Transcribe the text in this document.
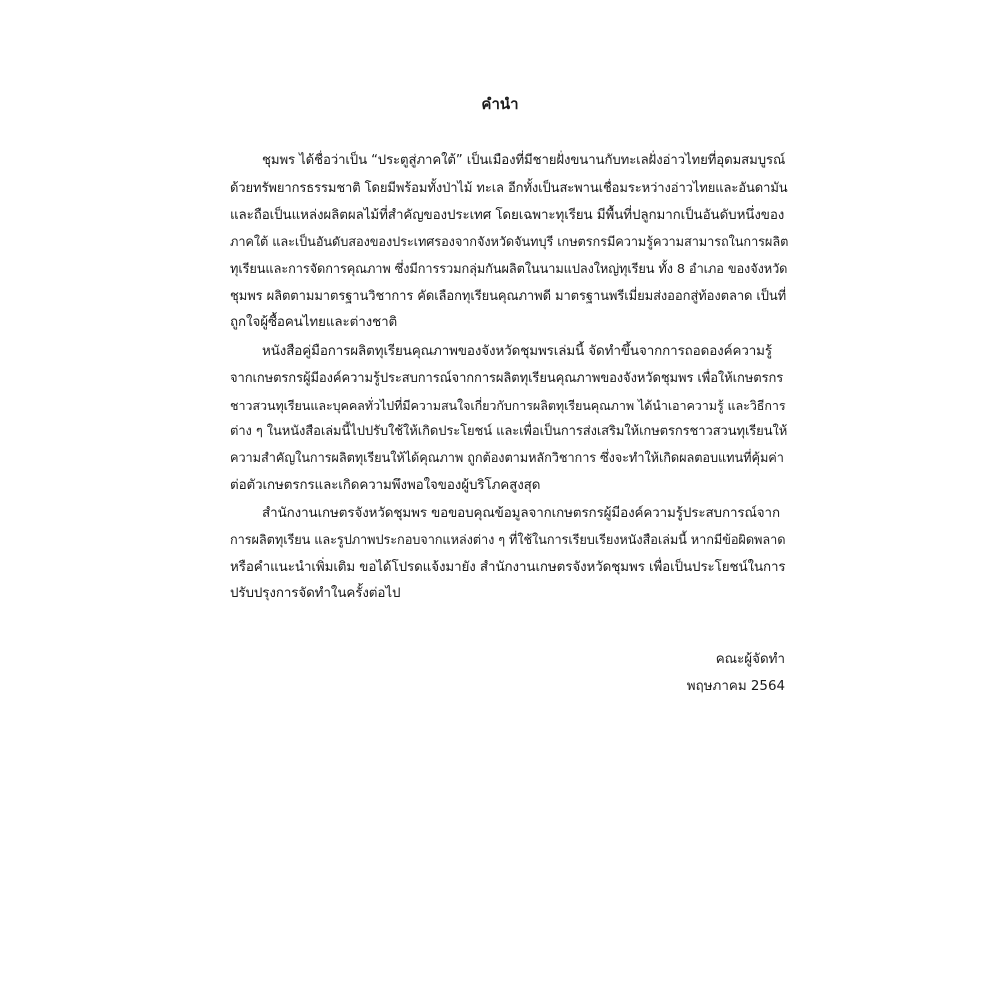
คำนำ
ชุมพร ได้ชื่อว่าเป็น “ประตูสู่ภาคใต้” เป็นเมืองที่มีชายฝั่งขนานกับทะเลฝั่งอ่าวไทยที่อุดมสมบูรณ์
ด้วยทรัพยากรธรรมชาติ โดยมีพร้อมทั้งป่าไม้ ทะเล อีกทั้งเป็นสะพานเชื่อมระหว่างอ่าวไทยและอันดามัน
และถือเป็นแหล่งผลิตผลไม้ที่สำคัญของประเทศ โดยเฉพาะทุเรียน มีพื้นที่ปลูกมากเป็นอันดับหนึ่งของ
ภาคใต้ และเป็นอันดับสองของประเทศรองจากจังหวัดจันทบุรี เกษตรกรมีความรู้ความสามารถในการผลิต
ทุเรียนและการจัดการคุณภาพ ซึ่งมีการรวมกลุ่มกันผลิตในนามแปลงใหญ่ทุเรียน ทั้ง 8 อำเภอ ของจังหวัด
ชุมพร ผลิตตามมาตรฐานวิชาการ คัดเลือกทุเรียนคุณภาพดี มาตรฐานพรีเมี่ยมส่งออกสู่ท้องตลาด เป็นที่
ถูกใจผู้ซื้อคนไทยและต่างชาติ
หนังสือคู่มือการผลิตทุเรียนคุณภาพของจังหวัดชุมพรเล่มนี้ จัดทำขึ้นจากการถอดองค์ความรู้
จากเกษตรกรผู้มีองค์ความรู้ประสบการณ์จากการผลิตทุเรียนคุณภาพของจังหวัดชุมพร เพื่อให้เกษตรกร
ชาวสวนทุเรียนและบุคคลทั่วไปที่มีความสนใจเกี่ยวกับการผลิตทุเรียนคุณภาพ ได้นำเอาความรู้ และวิธีการ
ต่าง ๆ ในหนังสือเล่มนี้ไปปรับใช้ให้เกิดประโยชน์ และเพื่อเป็นการส่งเสริมให้เกษตรกรชาวสวนทุเรียนให้
ความสำคัญในการผลิตทุเรียนให้ได้คุณภาพ ถูกต้องตามหลักวิชาการ ซึ่งจะทำให้เกิดผลตอบแทนที่คุ้มค่า
ต่อตัวเกษตรกรและเกิดความพึงพอใจของผู้บริโภคสูงสุด
สำนักงานเกษตรจังหวัดชุมพร ขอขอบคุณข้อมูลจากเกษตรกรผู้มีองค์ความรู้ประสบการณ์จาก
การผลิตทุเรียน และรูปภาพประกอบจากแหล่งต่าง ๆ ที่ใช้ในการเรียบเรียงหนังสือเล่มนี้ หากมีข้อผิดพลาด
หรือคำแนะนำเพิ่มเติม ขอได้โปรดแจ้งมายัง สำนักงานเกษตรจังหวัดชุมพร เพื่อเป็นประโยชน์ในการ
ปรับปรุงการจัดทำในครั้งต่อไป
คณะผู้จัดทำ
พฤษภาคม 2564
